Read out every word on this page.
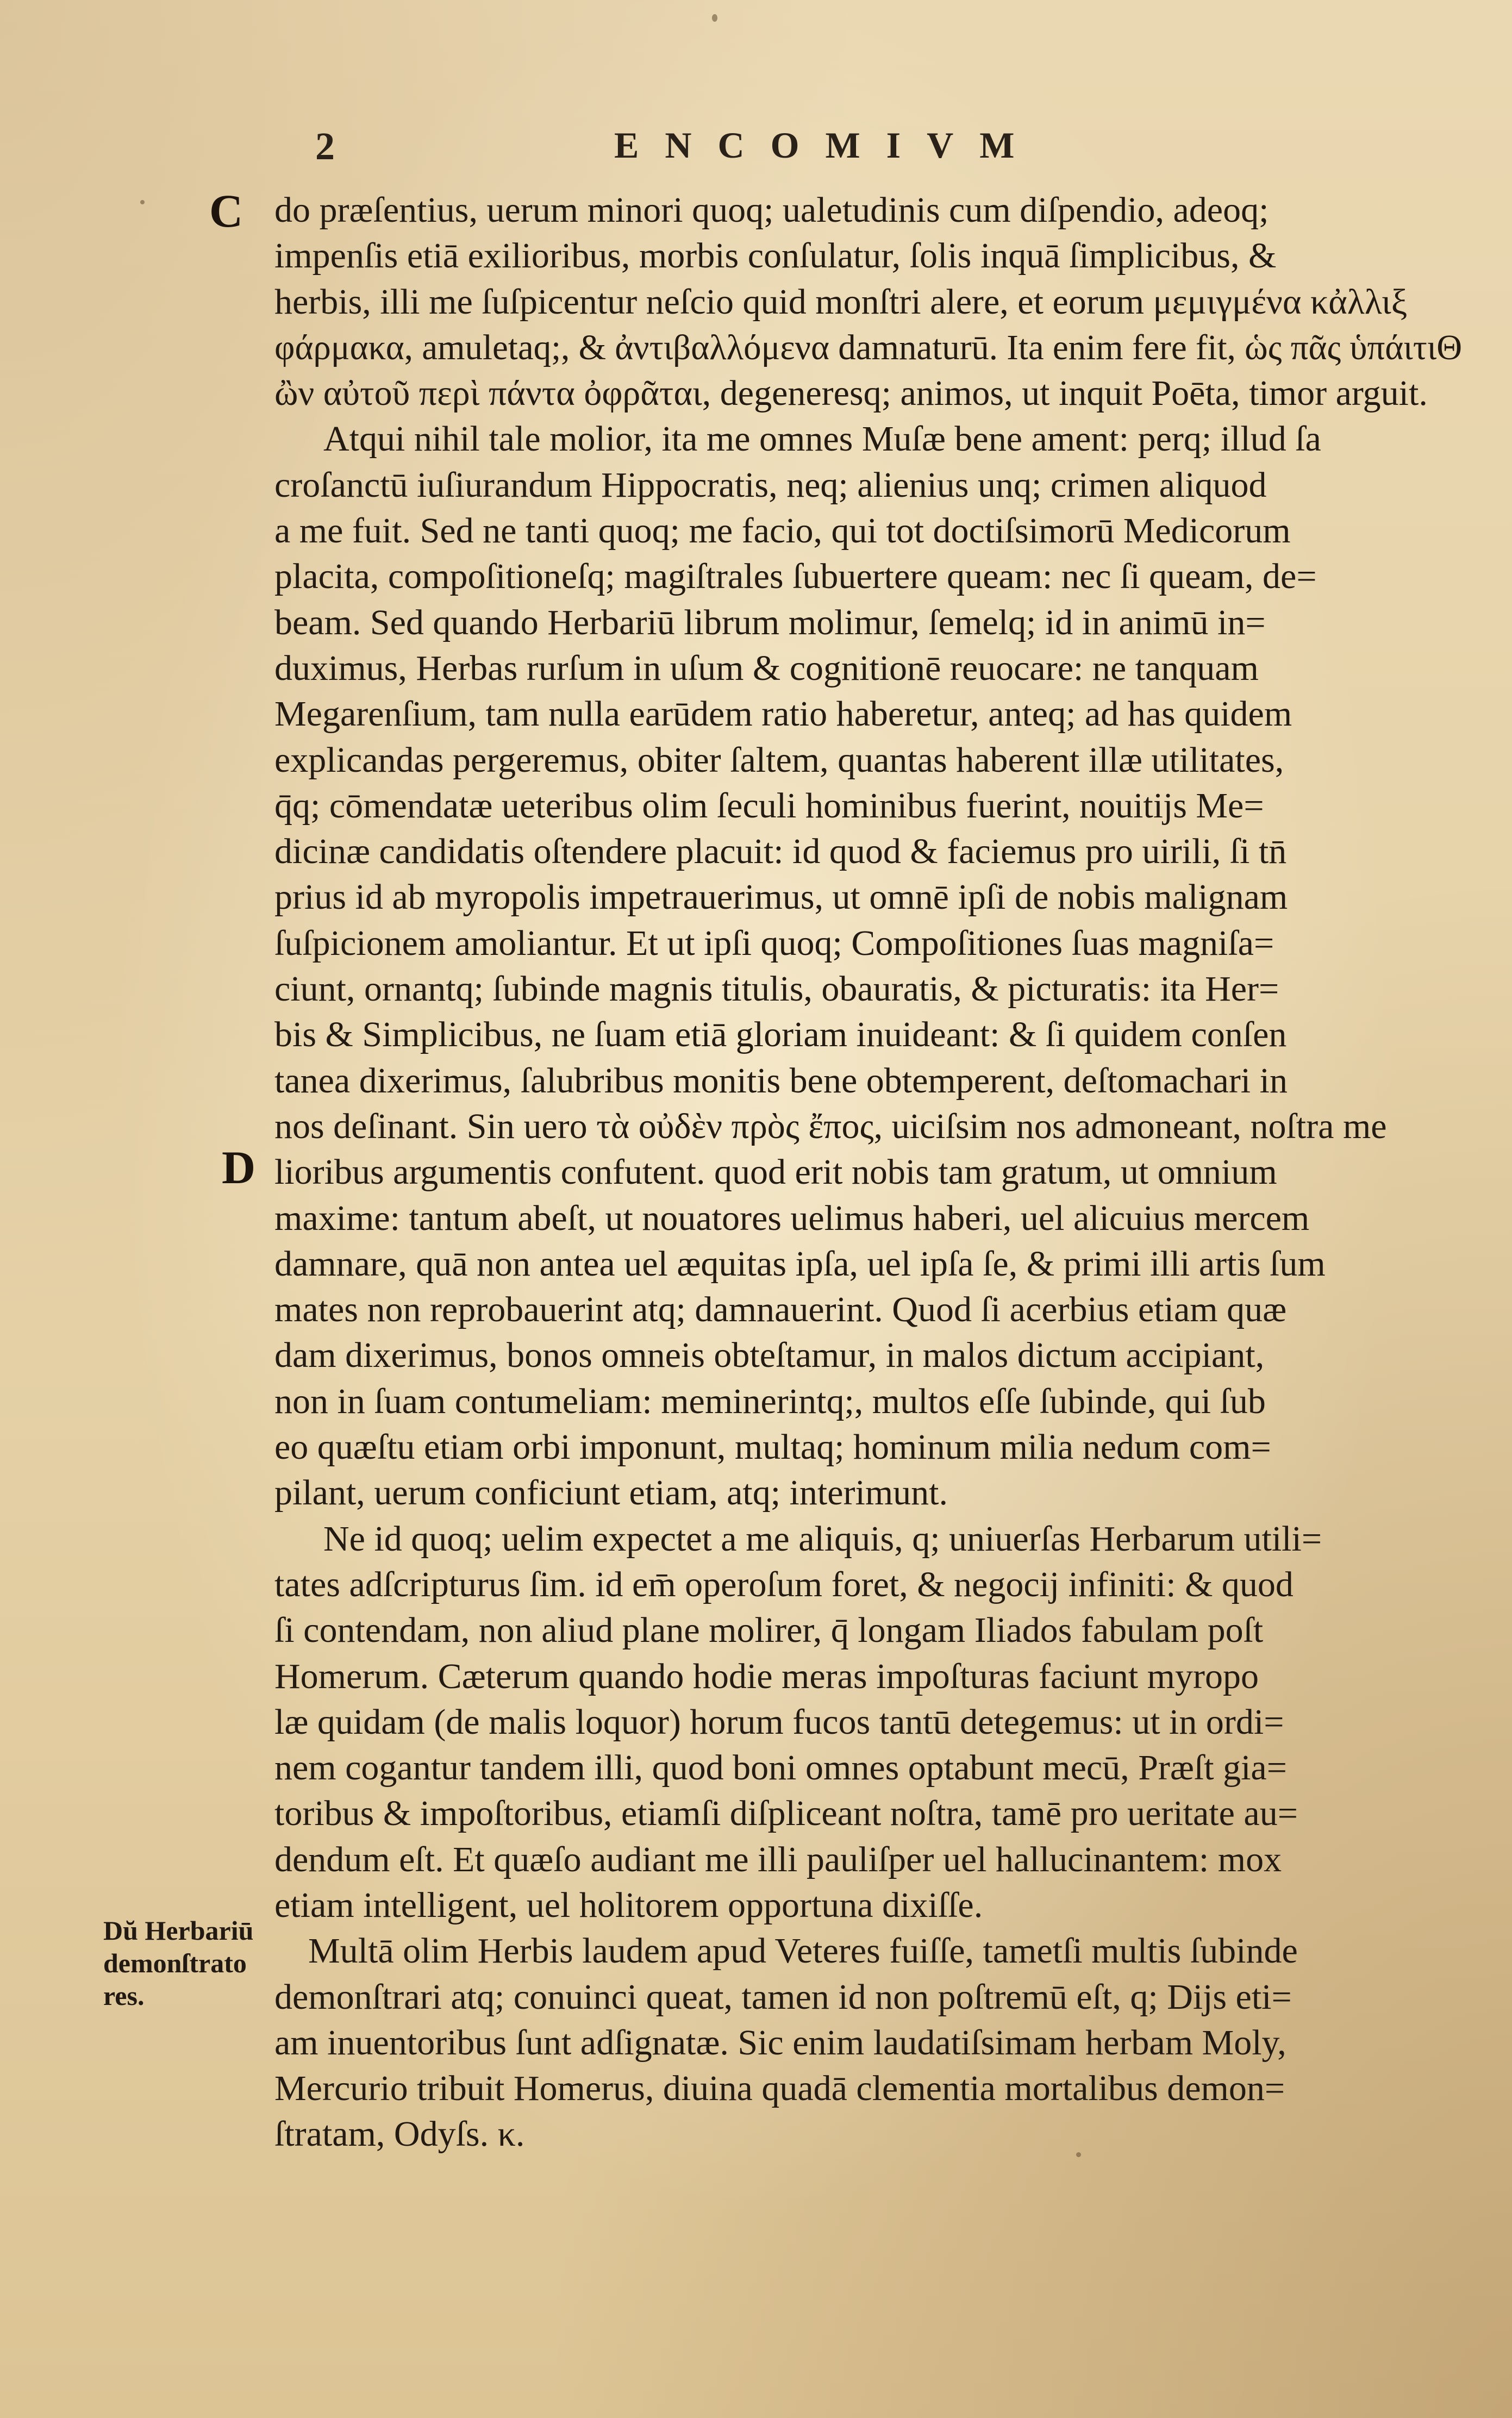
2	ENCOMIVM
C
D
Dŭ Herbariū
demonſtrato
res.
do præſentius, uerum minori quoq; ualetudinis cum diſpendio, adeoq;
impenſis etiā exilioribus, morbis conſulatur, ſolis inquā ſimplicibus, &
herbis, illi me ſuſpicentur neſcio quid monſtri alere, et eorum μεμιγμένα κἀλλιξ
φάρμακα, amuletaq;, & ἀντιβαλλόμενα damnaturū. Ita enim fere fit, ὡς πᾶς ὑπάιτιΘ
ὢν αὐτοῦ περὶ πάντα ὀφρᾶται, degeneresq; animos, ut inquit Poēta, timor arguit.
Atqui nihil tale molior, ita me omnes Muſæ bene ament: perq; illud ſa
croſanctū iuſiurandum Hippocratis, neq; alienius unq; crimen aliquod
a me fuit. Sed ne tanti quoq; me facio, qui tot doctiſsimorū Medicorum
placita, compoſitioneſq; magiſtrales ſubuertere queam: nec ſi queam, de=
beam. Sed quando Herbariū librum molimur, ſemelq; id in animū in=
duximus, Herbas rurſum in uſum & cognitionē reuocare: ne tanquam
Megarenſium, tam nulla earūdem ratio haberetur, anteq; ad has quidem
explicandas pergeremus, obiter ſaltem, quantas haberent illæ utilitates,
q̄q; cōmendatæ ueteribus olim ſeculi hominibus fuerint, nouitĳs Me=
dicinæ candidatis oſtendere placuit: id quod & faciemus pro uirili, ſi tn̄
prius id ab myropolis impetrauerimus, ut omnē ipſi de nobis malignam
ſuſpicionem amoliantur. Et ut ipſi quoq; Compoſitiones ſuas magniſa=
ciunt, ornantq; ſubinde magnis titulis, obauratis, & picturatis: ita Her=
bis & Simplicibus, ne ſuam etiā gloriam inuideant: & ſi quidem conſen
tanea dixerimus, ſalubribus monitis bene obtemperent, deſtomachari in
nos deſinant. Sin uero τὰ οὐδὲν πρὸς ἔπος, uiciſsim nos admoneant, noſtra me
lioribus argumentis confutent. quod erit nobis tam gratum, ut omnium
maxime: tantum abeſt, ut nouatores uelimus haberi, uel alicuius mercem
damnare, quā non antea uel æquitas ipſa, uel ipſa ſe, & primi illi artis ſum
mates non reprobauerint atq; damnauerint. Quod ſi acerbius etiam quæ
dam dixerimus, bonos omneis obteſtamur, in malos dictum accipiant,
non in ſuam contumeliam: meminerintq;, multos eſſe ſubinde, qui ſub
eo quæſtu etiam orbi imponunt, multaq; hominum milia nedum com=
pilant, uerum conficiunt etiam, atq; interimunt.
Ne id quoq; uelim expectet a me aliquis, q; uniuerſas Herbarum utili=
tates adſcripturus ſim. id em̄ operoſum foret, & negocĳ infiniti: & quod
ſi contendam, non aliud plane molirer, q̄ longam Iliados fabulam poſt
Homerum. Cæterum quando hodie meras impoſturas faciunt myropo
læ quidam (de malis loquor) horum fucos tantū detegemus: ut in ordi=
nem cogantur tandem illi, quod boni omnes optabunt mecū, Præſt gia=
toribus & impoſtoribus, etiamſi diſpliceant noſtra, tamē pro ueritate au=
dendum eſt. Et quæſo audiant me illi pauliſper uel hallucinantem: mox
etiam intelligent, uel holitorem opportuna dixiſſe.
Multā olim Herbis laudem apud Veteres fuiſſe, tametſi multis ſubinde
demonſtrari atq; conuinci queat, tamen id non poſtremū eſt, q; Dĳs eti=
am inuentoribus ſunt adſignatæ. Sic enim laudatiſsimam herbam Moly,
Mercurio tribuit Homerus, diuina quadā clementia mortalibus demon=
ſtratam, Odyſs. κ.
